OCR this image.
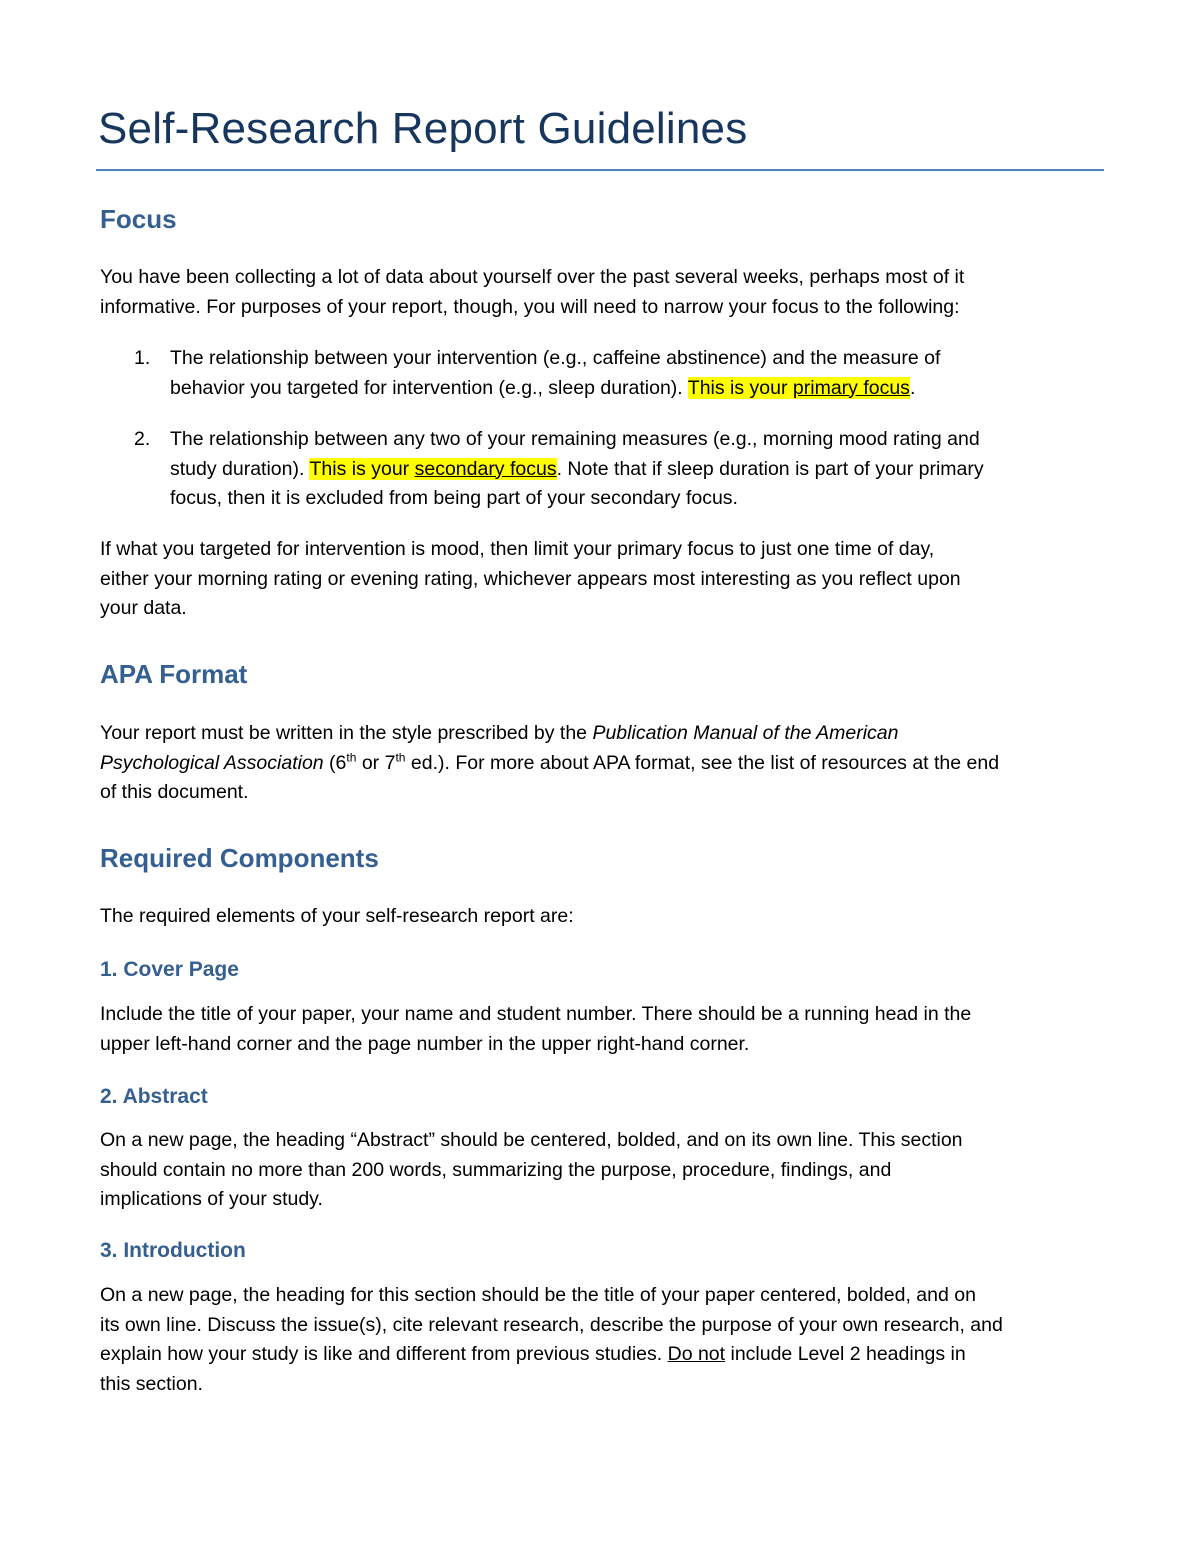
Self-Research Report Guidelines
Focus

You have been collecting a lot of data about yourself over the past several weeks, perhaps most of it
informative. For purposes of your report, though, you will need to narrow your focus to the following:

1. The relationship between your intervention (e.g., caffeine abstinence) and the measure of
behavior you targeted for intervention (e.g., sleep duration). This is your primary focus.

2. The relationship between any two of your remaining measures (e.g., morning mood rating and
study duration). This is your secondary focus. Note that if sleep duration is part of your primary
focus, then it is excluded from being part of your secondary focus.

If what you targeted for intervention is mood, then limit your primary focus to just one time of day,
either your morning rating or evening rating, whichever appears most interesting as you reflect upon
your data.

APA Format

Your report must be written in the style prescribed by the Publication Manual of the American
Psychological Association (6th or 7th ed.). For more about APA format, see the list of resources at the end
of this document.

Required Components

The required elements of your self-research report are:

1. Cover Page

Include the title of your paper, your name and student number. There should be a running head in the
upper left-hand corner and the page number in the upper right-hand corner.

2. Abstract

On a new page, the heading “Abstract” should be centered, bolded, and on its own line. This section
should contain no more than 200 words, summarizing the purpose, procedure, findings, and
implications of your study.

3. Introduction

On a new page, the heading for this section should be the title of your paper centered, bolded, and on
its own line. Discuss the issue(s), cite relevant research, describe the purpose of your own research, and
explain how your study is like and different from previous studies. Do not include Level 2 headings in
this section.
